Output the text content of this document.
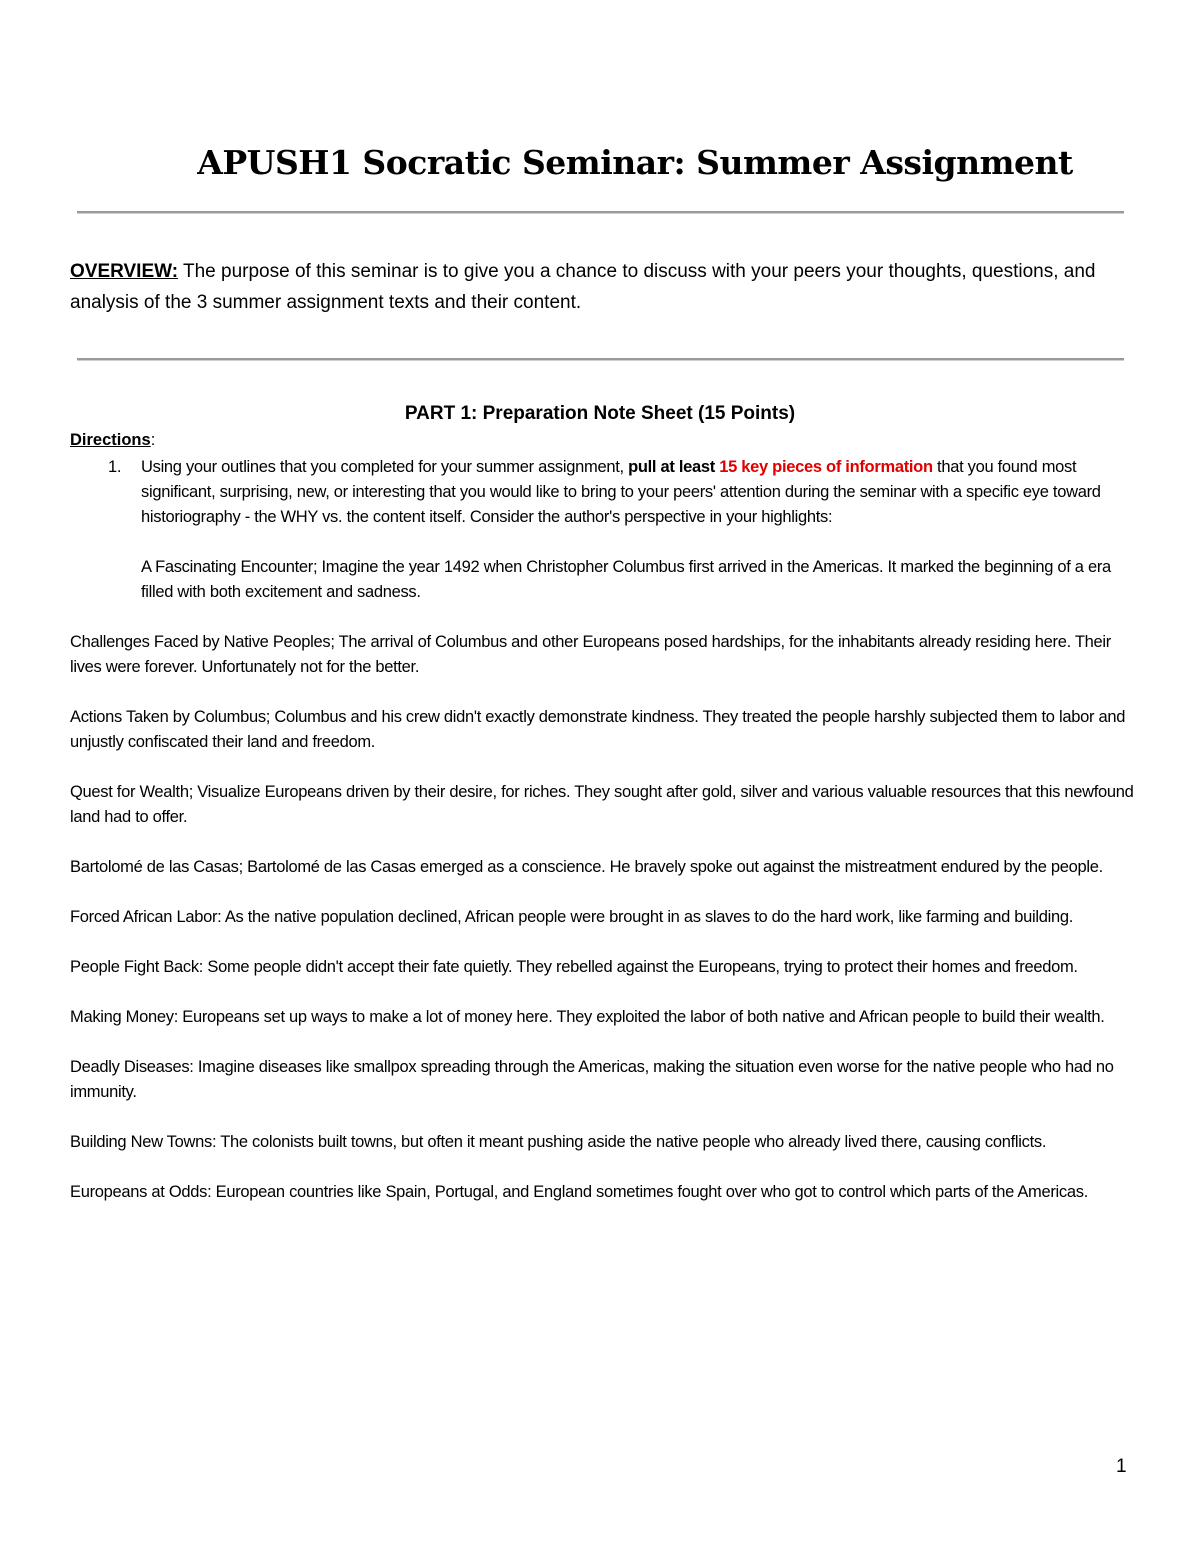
APUSH1 Socratic Seminar: Summer Assignment

OVERVIEW: The purpose of this seminar is to give you a chance to discuss with your peers your thoughts, questions, and analysis of the 3 summer assignment texts and their content.

PART 1: Preparation Note Sheet (15 Points)

Directions:

1. Using your outlines that you completed for your summer assignment, pull at least 15 key pieces of information that you found most significant, surprising, new, or interesting that you would like to bring to your peers' attention during the seminar with a specific eye toward historiography - the WHY vs. the content itself. Consider the author's perspective in your highlights:

A Fascinating Encounter; Imagine the year 1492 when Christopher Columbus first arrived in the Americas. It marked the beginning of a era filled with both excitement and sadness.

Challenges Faced by Native Peoples; The arrival of Columbus and other Europeans posed hardships, for the inhabitants already residing here. Their lives were forever. Unfortunately not for the better.
Actions Taken by Columbus; Columbus and his crew didn't exactly demonstrate kindness. They treated the people harshly subjected them to labor and unjustly confiscated their land and freedom.
Quest for Wealth; Visualize Europeans driven by their desire, for riches. They sought after gold, silver and various valuable resources that this newfound land had to offer.
Bartolomé de las Casas; Bartolomé de las Casas emerged as a conscience. He bravely spoke out against the mistreatment endured by the people.
Forced African Labor: As the native population declined, African people were brought in as slaves to do the hard work, like farming and building.
People Fight Back: Some people didn't accept their fate quietly. They rebelled against the Europeans, trying to protect their homes and freedom.
Making Money: Europeans set up ways to make a lot of money here. They exploited the labor of both native and African people to build their wealth.
Deadly Diseases: Imagine diseases like smallpox spreading through the Americas, making the situation even worse for the native people who had no immunity.
Building New Towns: The colonists built towns, but often it meant pushing aside the native people who already lived there, causing conflicts.
Europeans at Odds: European countries like Spain, Portugal, and England sometimes fought over who got to control which parts of the Americas.
1
